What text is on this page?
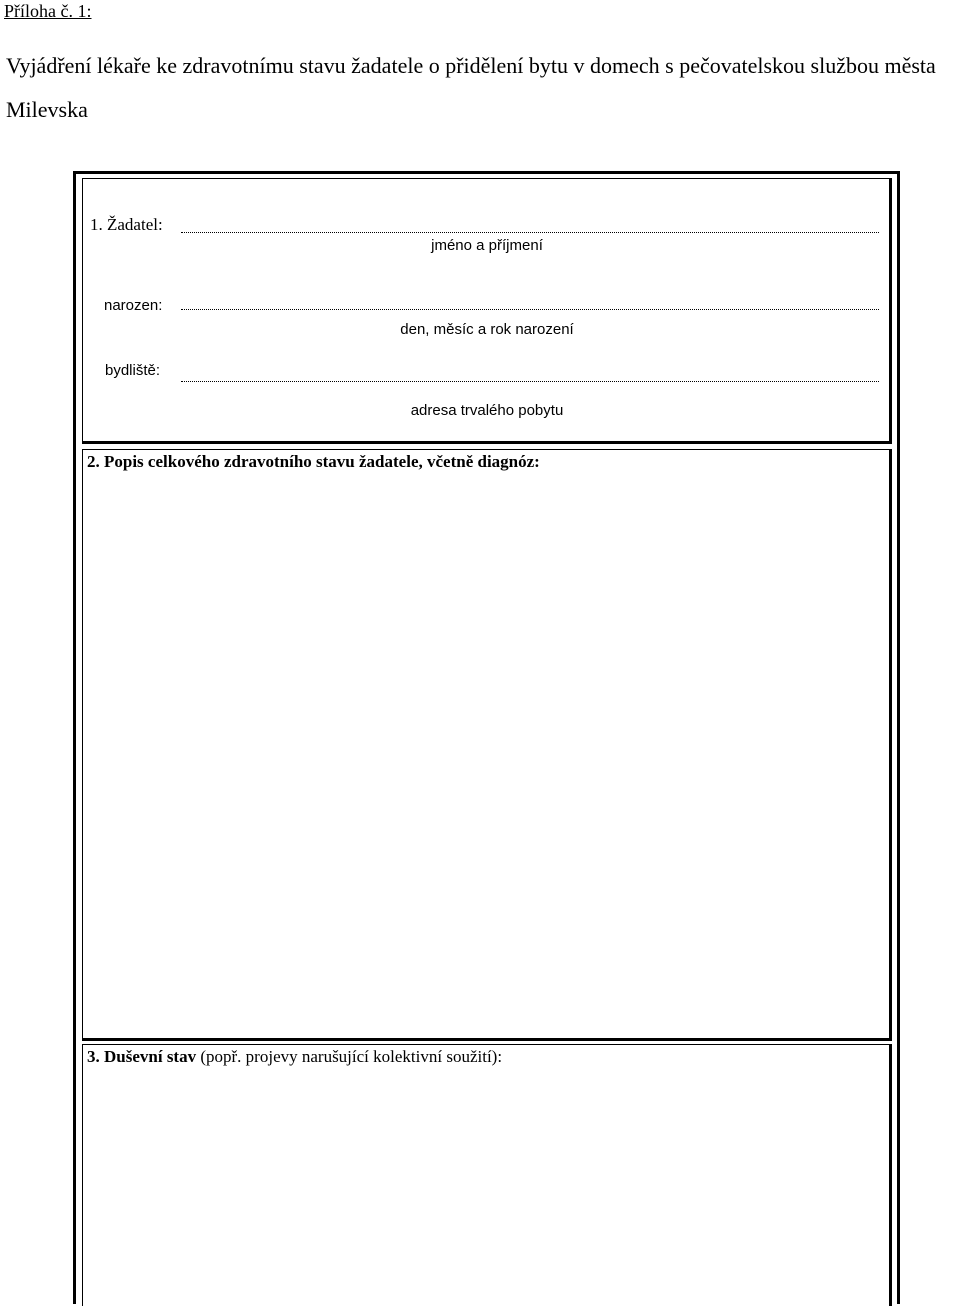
Příloha č. 1:
Vyjádření lékaře ke zdravotnímu stavu žadatele o přidělení bytu v domech s pečovatelskou službou města Milevska
1. Žadatel:
jméno a příjmení
narozen:
den, měsíc a rok narození
bydliště:
adresa trvalého pobytu
2. Popis celkového zdravotního stavu žadatele, včetně diagnóz:
3. Duševní stav (popř. projevy narušující kolektivní soužití):
